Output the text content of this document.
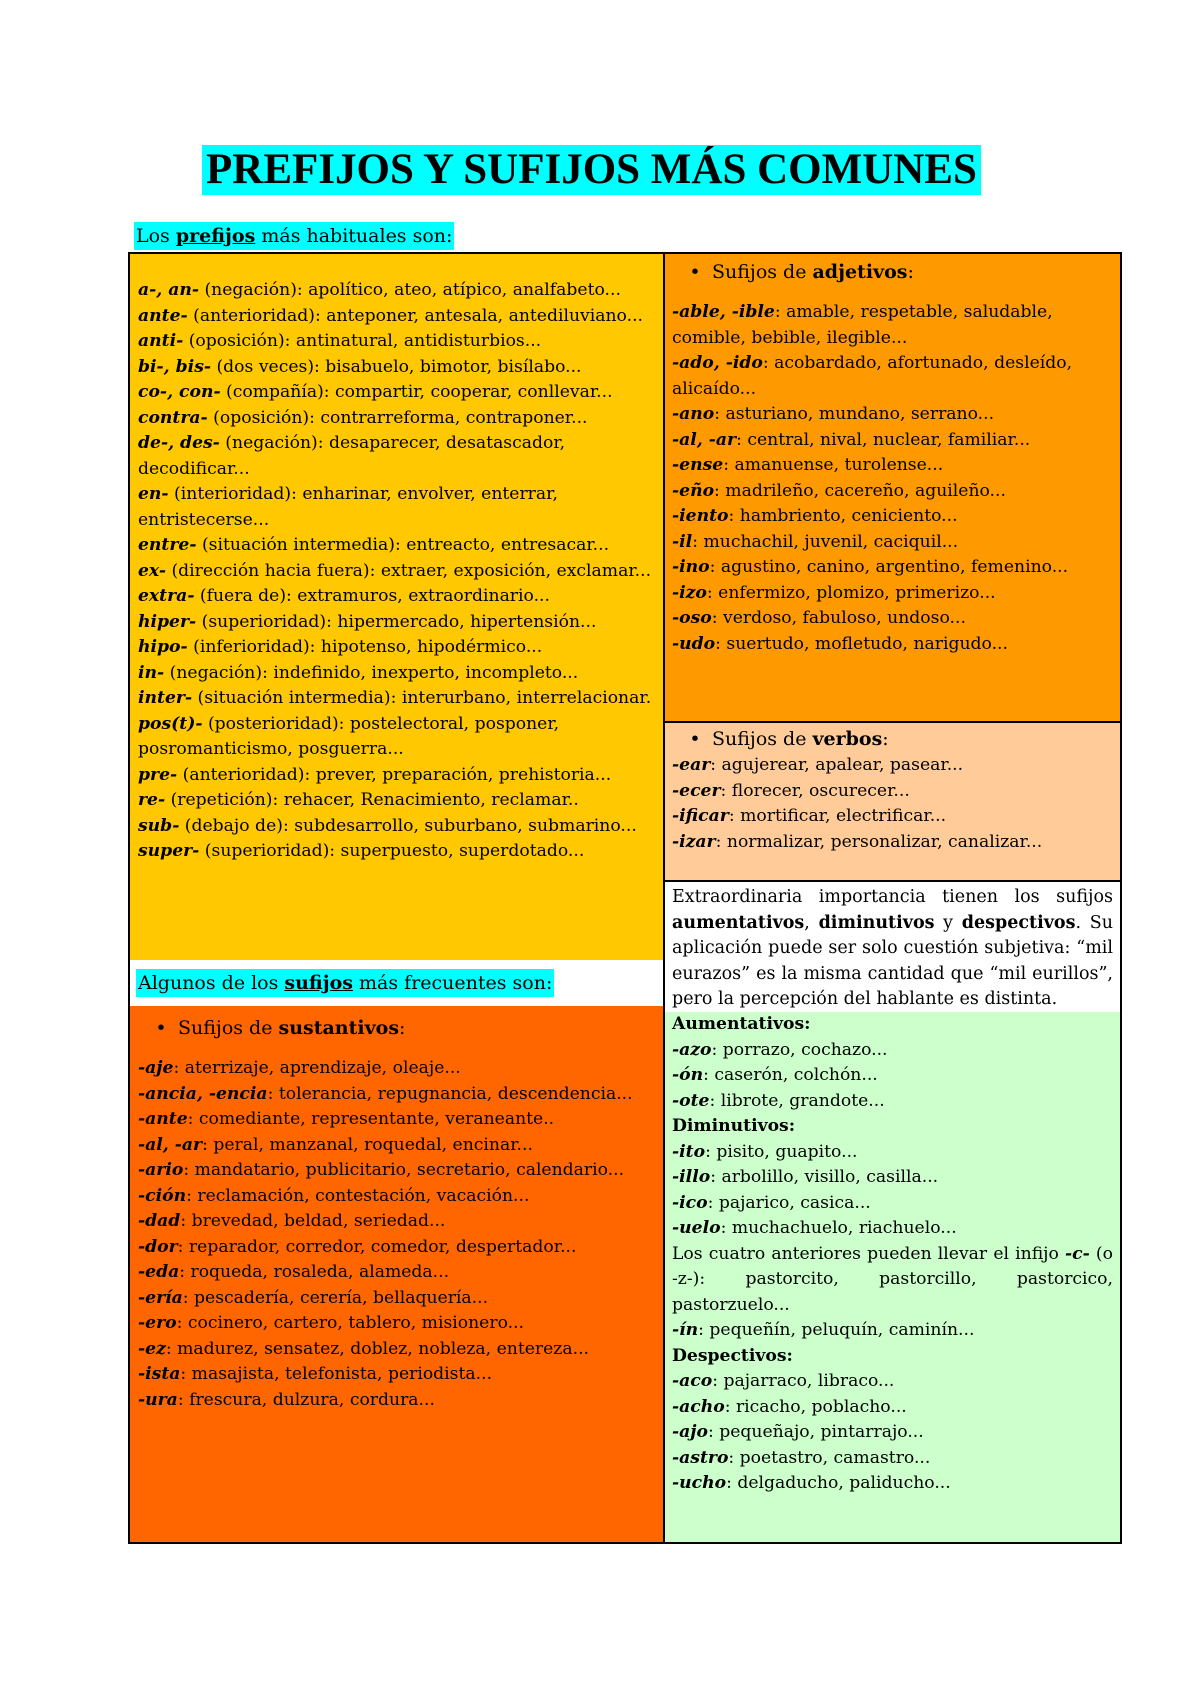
PREFIJOS Y SUFIJOS MÁS COMUNES
Los prefijos más habituales son:
a-, an- (negación): apolítico, ateo, atípico, analfabeto...
ante- (anterioridad): anteponer, antesala, antediluviano...
anti- (oposición): antinatural, antidisturbios...
bi-, bis- (dos veces): bisabuelo, bimotor, bisílabo...
co-, con- (compañía): compartir, cooperar, conllevar...
contra- (oposición): contrarreforma, contraponer...
de-, des- (negación): desaparecer, desatascador, decodificar...
en- (interioridad): enharinar, envolver, enterrar, entristecerse...
entre- (situación intermedia): entreacto, entresacar...
ex- (dirección hacia fuera): extraer, exposición, exclamar...
extra- (fuera de): extramuros, extraordinario...
hiper- (superioridad): hipermercado, hipertensión...
hipo- (inferioridad): hipotenso, hipodérmico...
in- (negación): indefinido, inexperto, incompleto...
inter- (situación intermedia): interurbano, interrelacionar.
pos(t)- (posterioridad): postelectoral, posponer, posromanticismo, posguerra...
pre- (anterioridad): prever, preparación, prehistoria...
re- (repetición): rehacer, Renacimiento, reclamar..
sub- (debajo de): subdesarrollo, suburbano, submarino...
super- (superioridad): superpuesto, superdotado...
• Sufijos de adjetivos:
-able, -ible: amable, respetable, saludable, comible, bebible, ilegible...
-ado, -ido: acobardado, afortunado, desleído, alicaído...
-ano: asturiano, mundano, serrano...
-al, -ar: central, nival, nuclear, familiar...
-ense: amanuense, turolense...
-eño: madrileño, cacereño, aguileño...
-iento: hambriento, ceniciento...
-il: muchachil, juvenil, caciquil...
-ino: agustino, canino, argentino, femenino...
-izo: enfermizo, plomizo, primerizo...
-oso: verdoso, fabuloso, undoso...
-udo: suertudo, mofletudo, narigudo...
• Sufijos de verbos:
-ear: agujerear, apalear, pasear...
-ecer: florecer, oscurecer...
-ificar: mortificar, electrificar...
-izar: normalizar, personalizar, canalizar...
Extraordinaria importancia tienen los sufijos aumentativos, diminutivos y despectivos. Su aplicación puede ser solo cuestión subjetiva: “mil eurazos” es la misma cantidad que “mil eurillos”, pero la percepción del hablante es distinta.
Aumentativos:
-azo: porrazo, cochazo...
-ón: caserón, colchón...
-ote: librote, grandote...
Diminutivos:
-ito: pisito, guapito...
-illo: arbolillo, visillo, casilla...
-ico: pajarico, casica...
-uelo: muchachuelo, riachuelo...
Los cuatro anteriores pueden llevar el infijo -c- (o -z-): pastorcito, pastorcillo, pastorcico, pastorzuelo...
-ín: pequeñín, peluquín, caminín...
Despectivos:
-aco: pajarraco, libraco...
-acho: ricacho, poblacho...
-ajo: pequeñajo, pintarrajo...
-astro: poetastro, camastro...
-ucho: delgaducho, paliducho...
Algunos de los sufijos más frecuentes son:
• Sufijos de sustantivos:
-aje: aterrizaje, aprendizaje, oleaje...
-ancia, -encia: tolerancia, repugnancia, descendencia...
-ante: comediante, representante, veraneante..
-al, -ar: peral, manzanal, roquedal, encinar...
-ario: mandatario, publicitario, secretario, calendario...
-ción: reclamación, contestación, vacación...
-dad: brevedad, beldad, seriedad...
-dor: reparador, corredor, comedor, despertador...
-eda: roqueda, rosaleda, alameda...
-ería: pescadería, cerería, bellaquería...
-ero: cocinero, cartero, tablero, misionero...
-ez: madurez, sensatez, doblez, nobleza, entereza...
-ista: masajista, telefonista, periodista...
-ura: frescura, dulzura, cordura...
